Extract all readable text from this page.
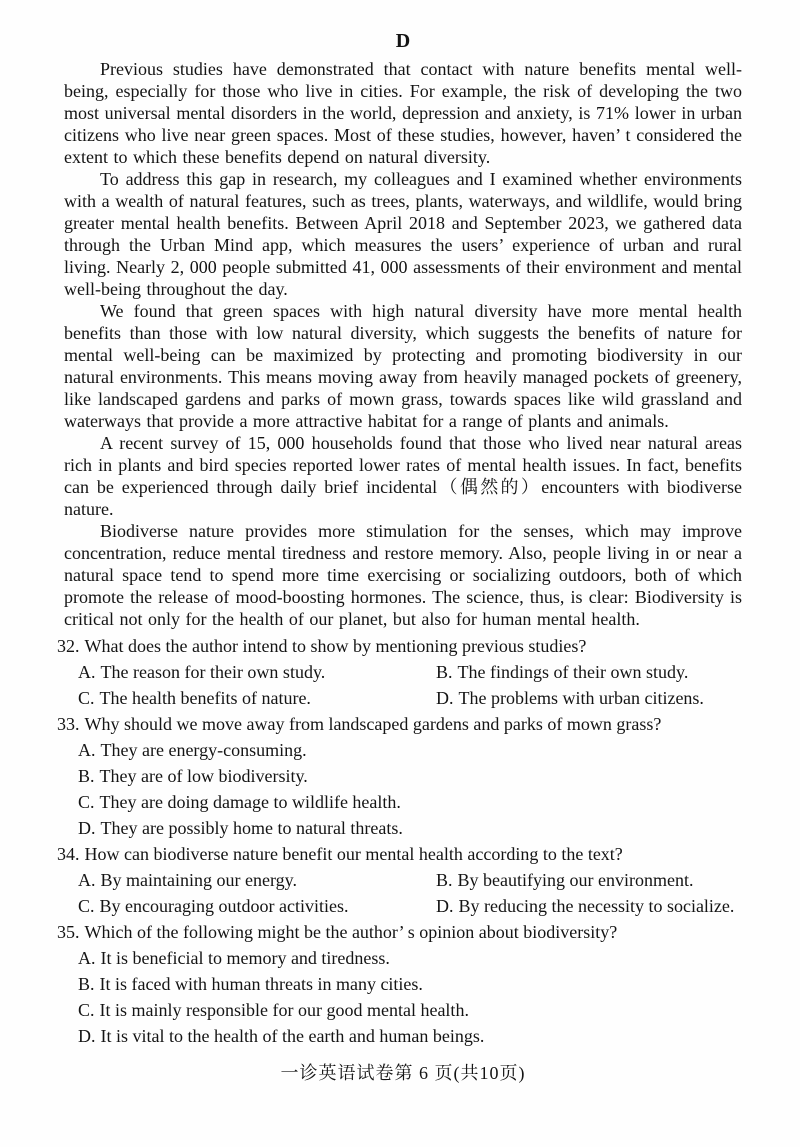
D

Previous studies have demonstrated that contact with nature benefits mental well-being, especially for those who live in cities. For example, the risk of developing the two most universal mental disorders in the world, depression and anxiety, is 71% lower in urban citizens who live near green spaces. Most of these studies, however, haven’ t considered the extent to which these benefits depend on natural diversity.

To address this gap in research, my colleagues and I examined whether environments with a wealth of natural features, such as trees, plants, waterways, and wildlife, would bring greater mental health benefits. Between April 2018 and September 2023, we gathered data through the Urban Mind app, which measures the users’ experience of urban and rural living. Nearly 2, 000 people submitted 41, 000 assessments of their environment and mental well-being throughout the day.

We found that green spaces with high natural diversity have more mental health benefits than those with low natural diversity, which suggests the benefits of nature for mental well-being can be maximized by protecting and promoting biodiversity in our natural environments. This means moving away from heavily managed pockets of greenery, like landscaped gardens and parks of mown grass, towards spaces like wild grassland and waterways that provide a more attractive habitat for a range of plants and animals.

A recent survey of 15, 000 households found that those who lived near natural areas rich in plants and bird species reported lower rates of mental health issues. In fact, benefits can be experienced through daily brief incidental（偶然的）encounters with biodiverse nature.

Biodiverse nature provides more stimulation for the senses, which may improve concentration, reduce mental tiredness and restore memory. Also, people living in or near a natural space tend to spend more time exercising or socializing outdoors, both of which promote the release of mood-boosting hormones. The science, thus, is clear: Biodiversity is critical not only for the health of our planet, but also for human mental health.

32. What does the author intend to show by mentioning previous studies?
A. The reason for their own study.	B. The findings of their own study.
C. The health benefits of nature.	D. The problems with urban citizens.
33. Why should we move away from landscaped gardens and parks of mown grass?
A. They are energy-consuming.
B. They are of low biodiversity.
C. They are doing damage to wildlife health.
D. They are possibly home to natural threats.
34. How can biodiverse nature benefit our mental health according to the text?
A. By maintaining our energy.	B. By beautifying our environment.
C. By encouraging outdoor activities.	D. By reducing the necessity to socialize.
35. Which of the following might be the author’ s opinion about biodiversity?
A. It is beneficial to memory and tiredness.
B. It is faced with human threats in many cities.
C. It is mainly responsible for our good mental health.
D. It is vital to the health of the earth and human beings.
一诊英语试卷第 6 页(共10页)
